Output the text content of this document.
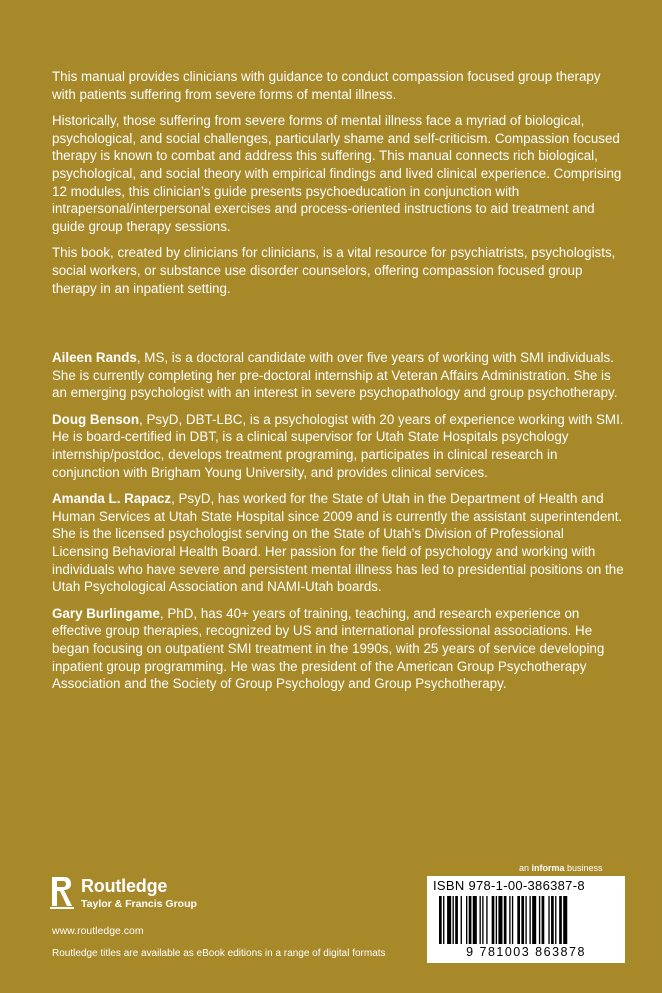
This manual provides clinicians with guidance to conduct compassion focused group therapy with patients suffering from severe forms of mental illness.

Historically, those suffering from severe forms of mental illness face a myriad of biological, psychological, and social challenges, particularly shame and self-criticism. Compassion focused therapy is known to combat and address this suffering. This manual connects rich biological, psychological, and social theory with empirical findings and lived clinical experience. Comprising 12 modules, this clinician’s guide presents psychoeducation in conjunction with intrapersonal/interpersonal exercises and process-oriented instructions to aid treatment and guide group therapy sessions.

This book, created by clinicians for clinicians, is a vital resource for psychiatrists, psychologists, social workers, or substance use disorder counselors, offering compassion focused group therapy in an inpatient setting.

Aileen Rands, MS, is a doctoral candidate with over five years of working with SMI individuals. She is currently completing her pre-doctoral internship at Veteran Affairs Administration. She is an emerging psychologist with an interest in severe psychopathology and group psychotherapy.

Doug Benson, PsyD, DBT-LBC, is a psychologist with 20 years of experience working with SMI. He is board-certified in DBT, is a clinical supervisor for Utah State Hospitals psychology internship/postdoc, develops treatment programing, participates in clinical research in conjunction with Brigham Young University, and provides clinical services.

Amanda L. Rapacz, PsyD, has worked for the State of Utah in the Department of Health and Human Services at Utah State Hospital since 2009 and is currently the assistant superintendent. She is the licensed psychologist serving on the State of Utah’s Division of Professional Licensing Behavioral Health Board. Her passion for the field of psychology and working with individuals who have severe and persistent mental illness has led to presidential positions on the Utah Psychological Association and NAMI-Utah boards.

Gary Burlingame, PhD, has 40+ years of training, teaching, and research experience on effective group therapies, recognized by US and international professional associations. He began focusing on outpatient SMI treatment in the 1990s, with 25 years of service developing inpatient group programming. He was the president of the American Group Psychotherapy Association and the Society of Group Psychology and Group Psychotherapy.

Routledge
Taylor & Francis Group
www.routledge.com
Routledge titles are available as eBook editions in a range of digital formats
an informa business
ISBN 978-1-00-386387-8
9 781003 863878
